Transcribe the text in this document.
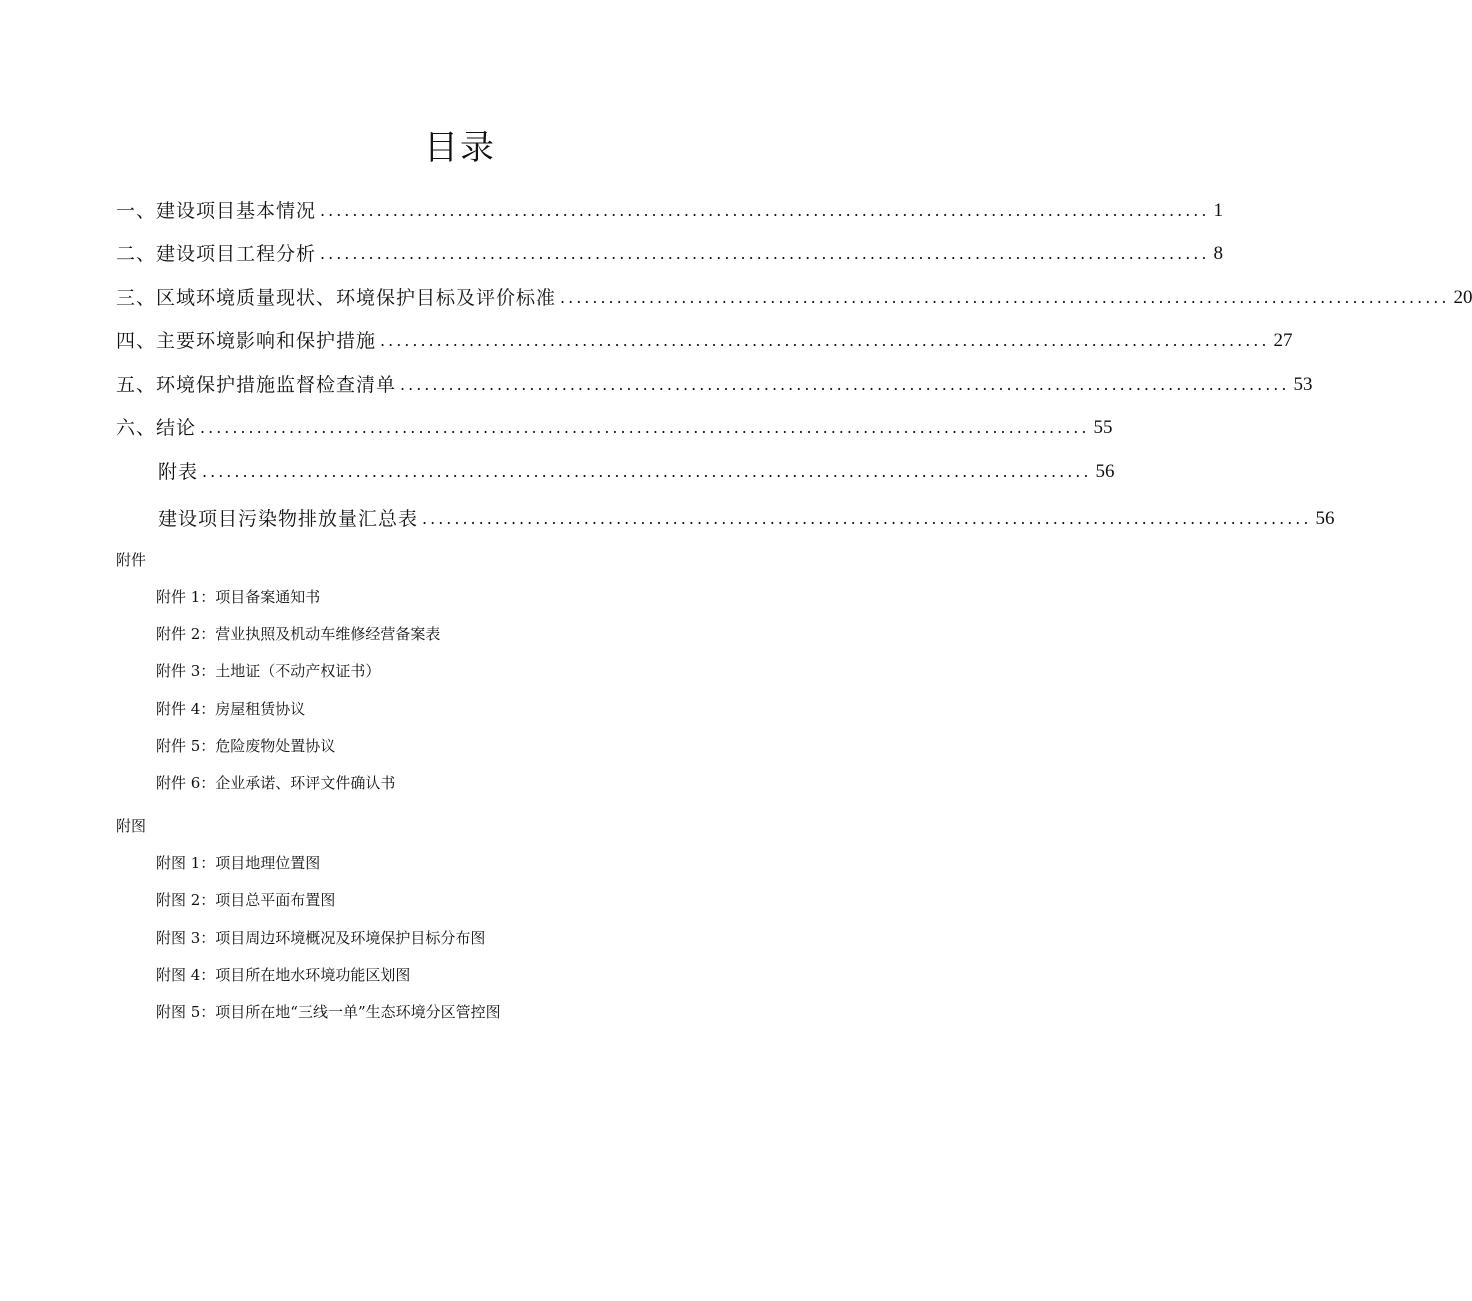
目录
一、建设项目基本情况 .............................................................................................................. 1
二、建设项目工程分析 .............................................................................................................. 8
三、区域环境质量现状、环境保护目标及评价标准 .............................................................................................................. 20
四、主要环境影响和保护措施 .............................................................................................................. 27
五、环境保护措施监督检查清单 .............................................................................................................. 53
六、结论 .............................................................................................................. 55
附表 .............................................................................................................. 56
建设项目污染物排放量汇总表 .............................................................................................................. 56
附件
附件 1：项目备案通知书
附件 2：营业执照及机动车维修经营备案表
附件 3：土地证（不动产权证书）
附件 4：房屋租赁协议
附件 5：危险废物处置协议
附件 6：企业承诺、环评文件确认书
附图
附图 1：项目地理位置图
附图 2：项目总平面布置图
附图 3：项目周边环境概况及环境保护目标分布图
附图 4：项目所在地水环境功能区划图
附图 5：项目所在地“三线一单”生态环境分区管控图
